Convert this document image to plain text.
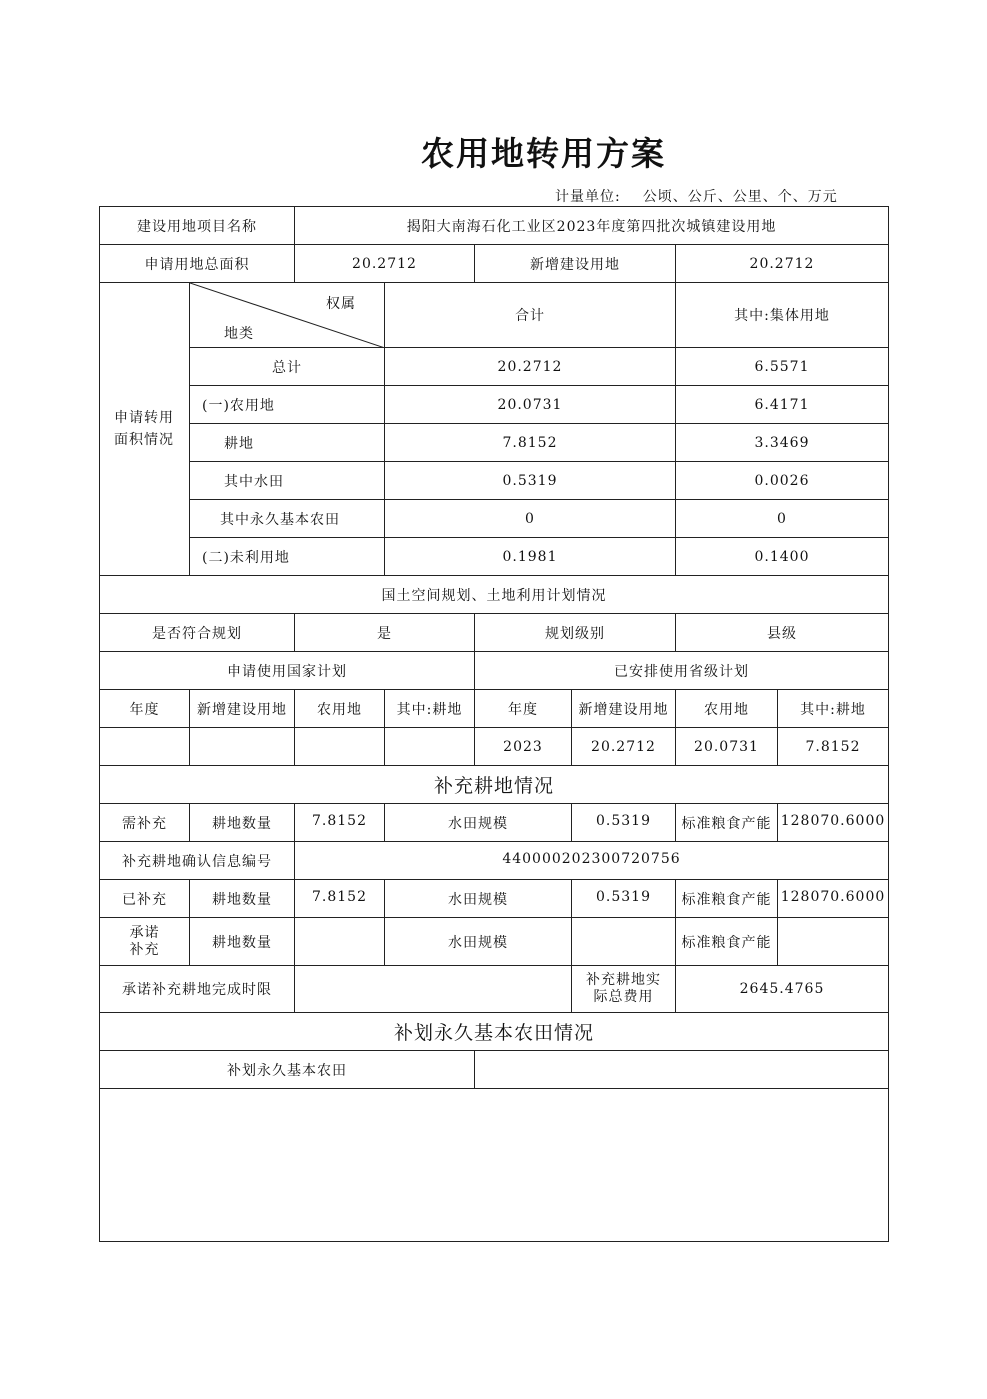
农用地转用方案
计量单位: 公顷、公斤、公里、个、万元
建设用地项目名称		揭阳大南海石化工业区2023年度第四批次城镇建设用地					
申请用地总面积		20.2712		新增建设用地		20.2712	
申请转用面积情况	权属
地类		合计			其中:集体用地	
	总计		20.2712			6.5571	
	(一)农用地		20.0731			6.4171	
	耕地		7.8152			3.3469	
	其中水田		0.5319			0.0026	
	其中永久基本农田		0			0	
	(二)未利用地		0.1981			0.1400	
国土空间规划、土地利用计划情况							
是否符合规划		是		规划级别		县级	
申请使用国家计划				已安排使用省级计划			
年度	新增建设用地	农用地	其中:耕地	年度	新增建设用地	农用地	其中:耕地
				2023	20.2712	20.0731	7.8152
补充耕地情况							
需补充	耕地数量	7.8152	水田规模		0.5319	标准粮食产能	128070.6000
补充耕地确认信息编号		440000202300720756					
已补充	耕地数量	7.8152	水田规模		0.5319	标准粮食产能	128070.6000
承诺补充	耕地数量		水田规模			标准粮食产能	
承诺补充耕地完成时限					补充耕地实际总费用	2645.4765	
补划永久基本农田情况							
补划永久基本农田							
